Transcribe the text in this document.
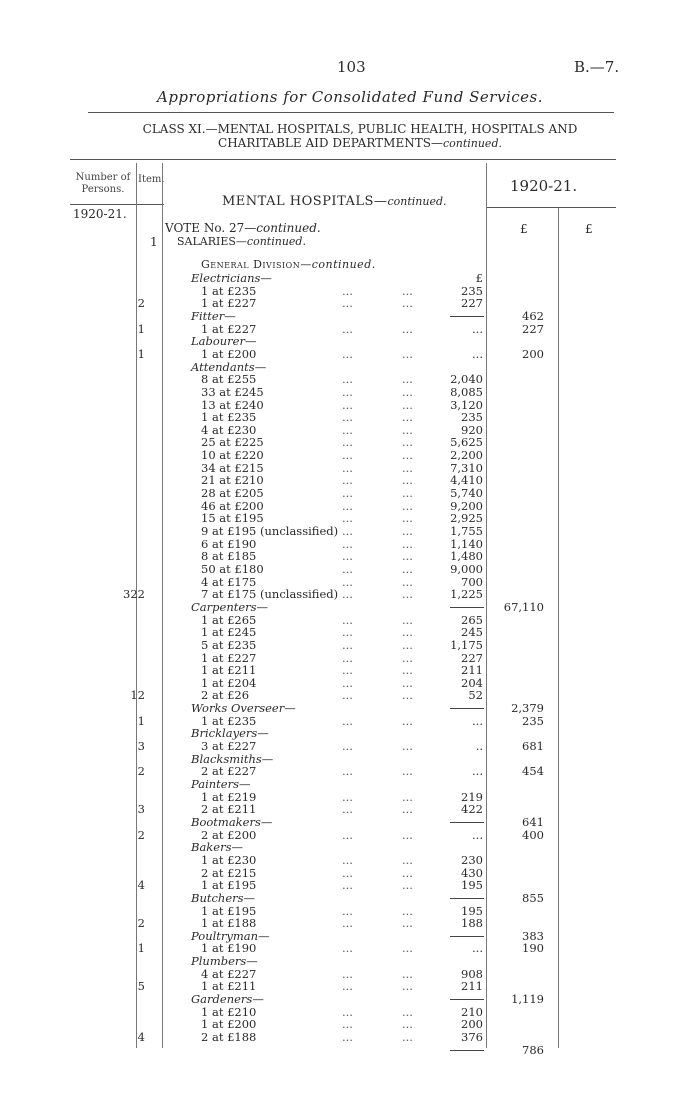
103	B.—7.
Appropriations for Consolidated Fund Services.
CLASS XI.—MENTAL HOSPITALS, PUBLIC HEALTH, HOSPITALS AND CHARITABLE AID DEPARTMENTS—continued.
Number of Persons.
Item.	1920-21.
MENTAL HOSPITALS—continued.
1920-21.
VOTE No. 27—continued.
1 SALARIES—continued.
£	£
General Division—continued.
Electricians—	£
1 at £235	...	...	235
2	1 at £227	...	...	227
Fitter—	462
1	1 at £227	...	...	...	227
Labourer—
1	1 at £200	...	...	...	200
Attendants—
8 at £255	...	...	2,040
33 at £245	...	...	8,085
13 at £240	...	...	3,120
1 at £235	...	...	235
4 at £230	...	...	920
25 at £225	...	...	5,625
10 at £220	...	...	2,200
34 at £215	...	...	7,310
21 at £210	...	...	4,410
28 at £205	...	...	5,740
46 at £200	...	...	9,200
15 at £195	...	...	2,925
9 at £195 (unclassified) ...	...	1,755
6 at £190	...	...	1,140
8 at £185	...	...	1,480
50 at £180	...	...	9,000
4 at £175	...	...	700
322	7 at £175 (unclassified) ...	...	1,225
Carpenters—	67,110
1 at £265	...	...	265
1 at £245	...	...	245
5 at £235	...	...	1,175
1 at £227	...	...	227
1 at £211	...	...	211
1 at £204	...	...	204
12	2 at £26	...	...	52
Works Overseer—	2,379
1	1 at £235	...	...	...	235
Bricklayers—
3	3 at £227	...	...	..	681
Blacksmiths—
2	2 at £227	...	...	...	454
Painters—
1 at £219	...	...	219
3	2 at £211	...	...	422
Bootmakers—	641
2	2 at £200	...	...	...	400
Bakers—
1 at £230	...	...	230
2 at £215	...	...	430
4	1 at £195	...	...	195
Butchers—	855
1 at £195	...	...	195
2	1 at £188	...	...	188
Poultryman—	383
1	1 at £190	...	...	...	190
Plumbers—
4 at £227	...	...	908
5	1 at £211	...	...	211
Gardeners—	1,119
1 at £210	...	...	210
1 at £200	...	...	200
4	2 at £188	...	...	376
786
